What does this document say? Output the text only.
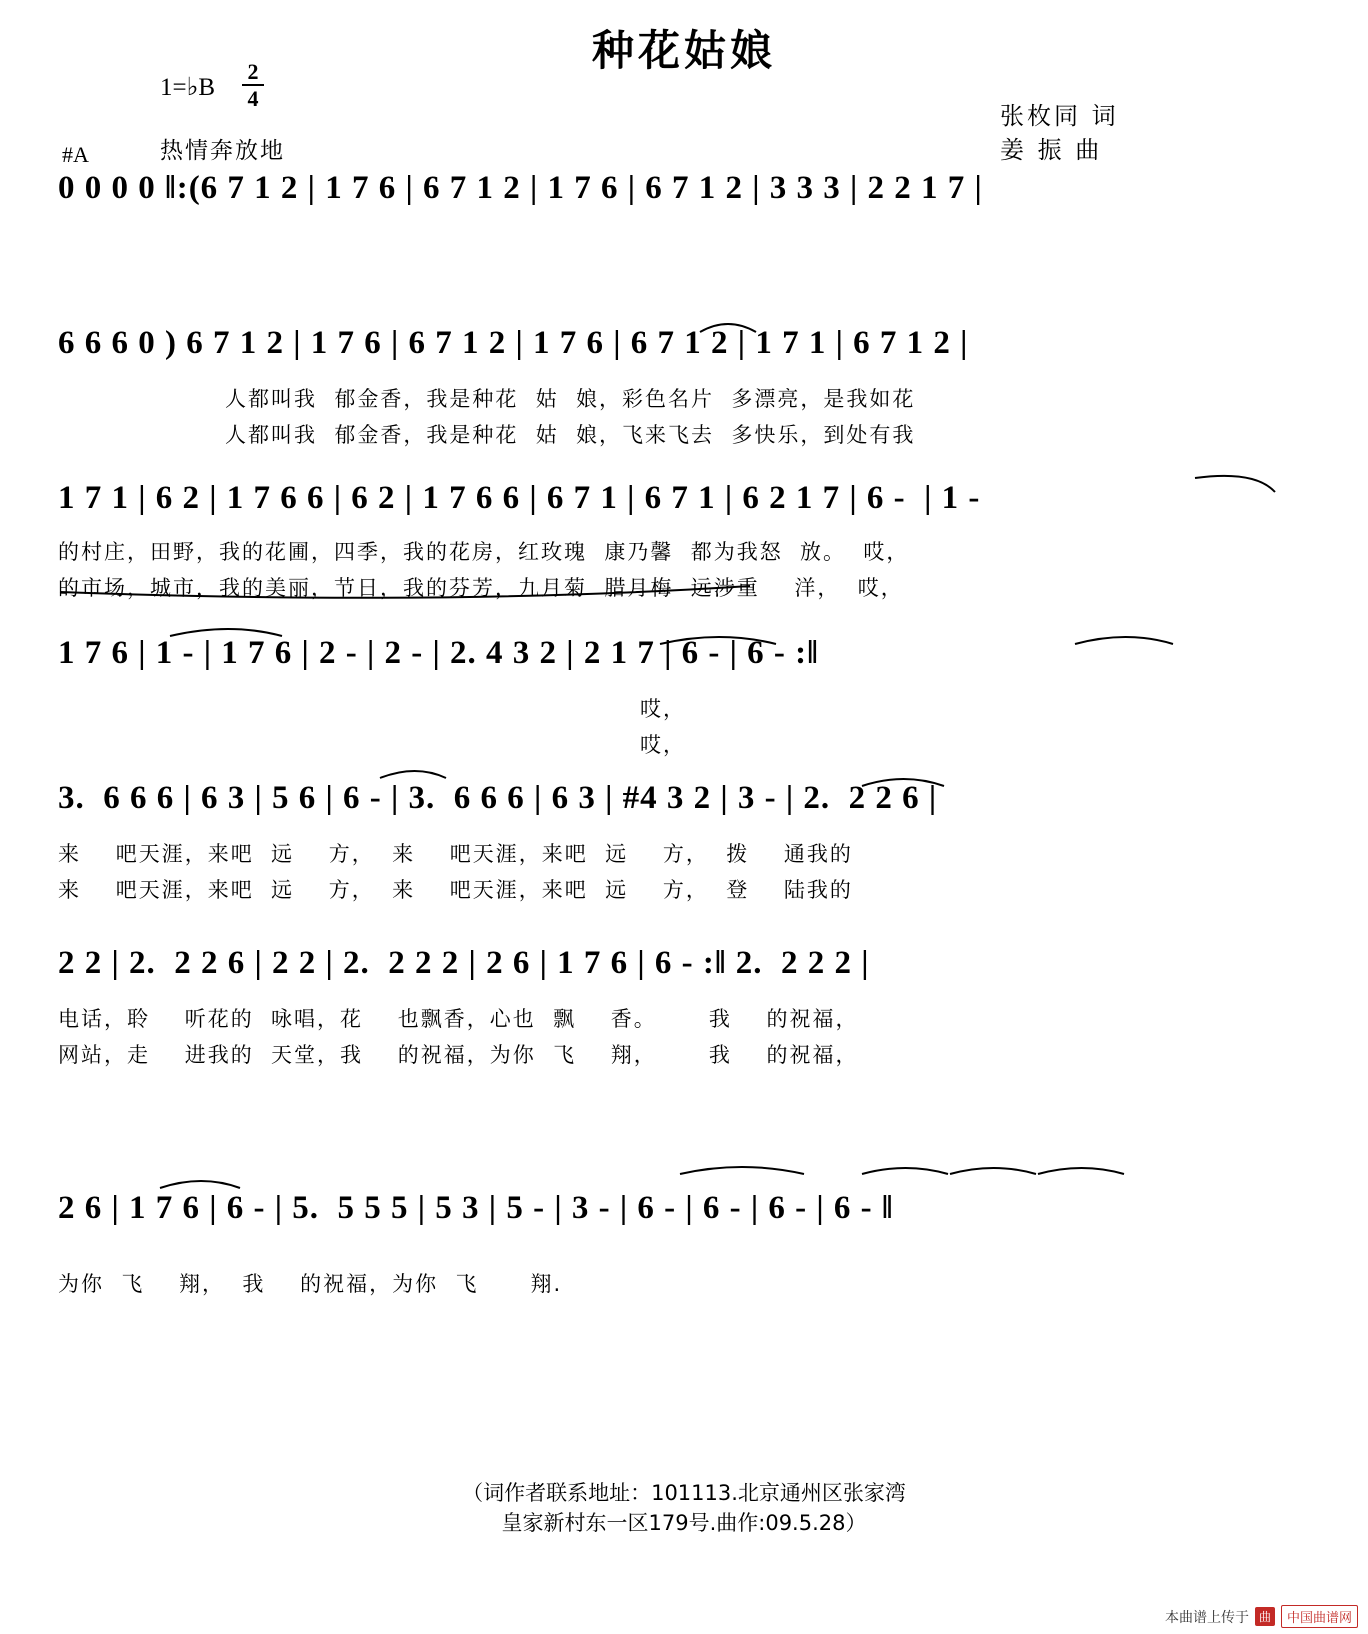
种花姑娘
1=♭B
2
4
热情奔放地
张枚同 词
姜 振 曲
#A
0 0 0 0 ‖:(6 7 1 2 | 1 7 6 | 6 7 1 2 | 1 7 6 | 6 7 1 2 | 3 3 3 | 2 2 1 7 |
6 6 6 0 ) 6 7 1 2 | 1 7 6 | 6 7 1 2 | 1 7 6 | 6 7 1 2 | 1 7 1 | 6 7 1 2 |
人都叫我  郁金香，我是种花  姑  娘，彩色名片  多漂亮，是我如花
人都叫我  郁金香，我是种花  姑  娘，飞来飞去  多快乐，到处有我
1 7 1 | 6 2 | 1 7 6 6 | 6 2 | 1 7 6 6 | 6 7 1 | 6 7 1 | 6 2 1 7 | 6 -  | 1 -
的村庄，田野，我的花圃，四季，我的花房，红玫瑰  康乃馨  都为我怒  放。  哎，
的市场，城市，我的美丽，节日，我的芬芳，九月菊  腊月梅  远涉重    洋，  哎，
1 7 6 | 1 - | 1 7 6 | 2 - | 2 - | 2. 4 3 2 | 2 1 7 | 6 - | 6 - :‖
哎，
哎，
3.  6 6 6 | 6 3 | 5 6 | 6 - | 3.  6 6 6 | 6 3 | #4 3 2 | 3 - | 2.  2 2 6 |
来    吧天涯，来吧  远    方，  来    吧天涯，来吧  远    方，  拨    通我的
来    吧天涯，来吧  远    方，  来    吧天涯，来吧  远    方，  登    陆我的
2 2 | 2.  2 2 6 | 2 2 | 2.  2 2 2 | 2 6 | 1 7 6 | 6 - :‖ 2.  2 2 2 |
电话，聆    听花的  咏唱，花    也飘香，心也  飘    香。      我    的祝福，
网站，走    进我的  天堂，我    的祝福，为你  飞    翔，      我    的祝福，
2 6 | 1 7 6 | 6 - | 5.  5 5 5 | 5 3 | 5 - | 3 - | 6 - | 6 - | 6 - | 6 - ‖
为你  飞    翔，  我    的祝福，为你  飞      翔.
（词作者联系地址：101113.北京通州区张家湾
皇家新村东一区179号.曲作:09.5.28）
本曲谱上传于 曲	中国曲谱网
